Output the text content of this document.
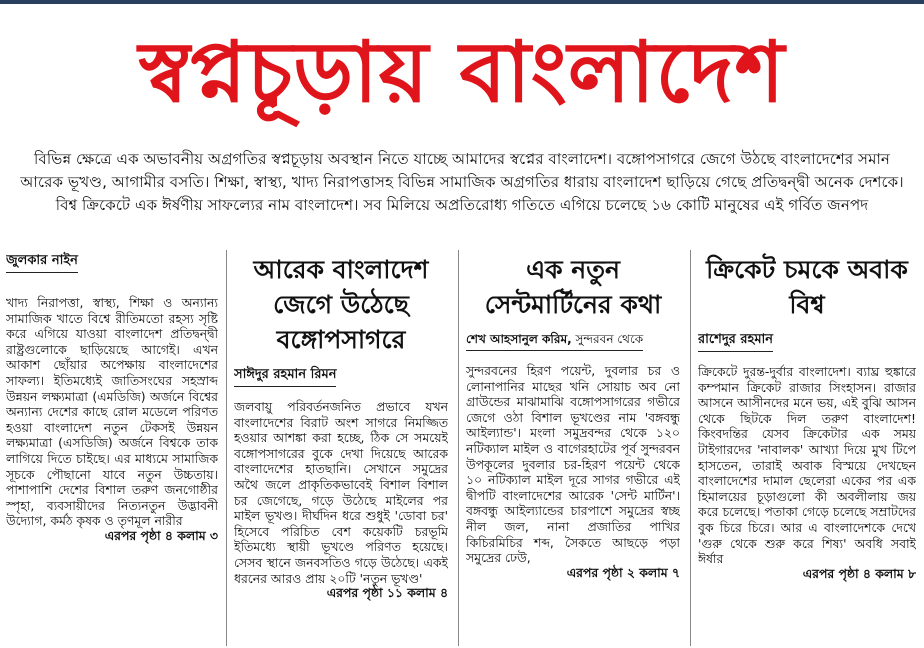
স্বপ্নচূড়ায় বাংলাদেশ
বিভিন্ন ক্ষেত্রে এক অভাবনীয় অগ্রগতির স্বপ্নচূড়ায় অবস্থান নিতে যাচ্ছে আমাদের স্বপ্নের বাংলাদেশ। বঙ্গোপসাগরে জেগে উঠছে বাংলাদেশের সমান আরেক ভূখণ্ড, আগামীর বসতি। শিক্ষা, স্বাস্থ্য, খাদ্য নিরাপত্তাসহ বিভিন্ন সামাজিক অগ্রগতির ধারায় বাংলাদেশ ছাড়িয়ে গেছে প্রতিদ্বন্দ্বী অনেক দেশকে। বিশ্ব ক্রিকেটে এক ঈর্ষণীয় সাফল্যের নাম বাংলাদেশ। সব মিলিয়ে অপ্রতিরোধ্য গতিতে এগিয়ে চলেছে ১৬ কোটি মানুষের এই গর্বিত জনপদ
জুলকার নাইন

খাদ্য নিরাপত্তা, স্বাস্থ্য, শিক্ষা ও অন্যান্য সামাজিক খাতে বিশ্বে রীতিমতো রহস্য সৃষ্টি করে এগিয়ে যাওয়া বাংলাদেশ প্রতিদ্বন্দ্বী রাষ্ট্রগুলোকে ছাড়িয়েছে আগেই। এখন আকাশ ছোঁয়ার অপেক্ষায় বাংলাদেশের সাফল্য। ইতিমধ্যেই জাতিসংঘের সহস্রাব্দ উন্নয়ন লক্ষ্যমাত্রা (এমডিজি) অর্জনে বিশ্বের অন্যান্য দেশের কাছে রোল মডেলে পরিণত হওয়া বাংলাদেশ নতুন টেকসই উন্নয়ন লক্ষ্যমাত্রা (এসডিজি) অর্জনে বিশ্বকে তাক লাগিয়ে দিতে চাইছে। এর মাধ্যমে সামাজিক সূচকে পৌছানো যাবে নতুন উচ্চতায়। পাশাপাশি দেশের বিশাল তরুণ জনগোষ্ঠীর স্পৃহা, ব্যবসায়ীদের নিত্যনতুন উদ্ভাবনী উদ্যোগ, কর্মঠ কৃষক ও তৃণমূল নারীর

এরপর পৃষ্ঠা ৪ কলাম ৩
আরেক বাংলাদেশ জেগে উঠেছে বঙ্গোপসাগরে
সাঈদুর রহমান রিমন

জলবায়ু পরিবর্তনজনিত প্রভাবে যখন বাংলাদেশের বিরাট অংশ সাগরে নিমজ্জিত হওয়ার আশঙ্কা করা হচ্ছে, ঠিক সে সময়েই বঙ্গোপসাগরের বুকে দেখা দিয়েছে আরেক বাংলাদেশের হাতছানি। সেখানে সমুদ্রের অথৈ জলে প্রাকৃতিকভাবেই বিশাল বিশাল চর জেগেছে, গড়ে উঠেছে মাইলের পর মাইল ভূখণ্ড। দীর্ঘদিন ধরে শুধুই 'ডোবা চর' হিসেবে পরিচিত বেশ কয়েকটি চরভূমি ইতিমধ্যে স্থায়ী ভূখণ্ডে পরিণত হয়েছে। সেসব স্থানে জনবসতিও গড়ে উঠেছে। একই ধরনের আরও প্রায় ২০টি 'নতুন ভূখণ্ড'

এরপর পৃষ্ঠা ১১ কলাম ৪
এক নতুন সেন্টমার্টিনের কথা
শেখ আহসানুল করিম, সুন্দরবন থেকে

সুন্দরবনের হিরণ পয়েন্ট, দুবলার চর ও লোনাপানির মাছের খনি সোয়াচ অব নো গ্রাউন্ডের মাঝামাঝি বঙ্গোপসাগরের গভীরে জেগে ওঠা বিশাল ভূখণ্ডের নাম 'বঙ্গবন্ধু আইল্যান্ড'। মংলা সমুদ্রবন্দর থেকে ১২০ নটিক্যাল মাইল ও বাগেরহাটের পূর্ব সুন্দরবন উপকূলের দুবলার চর-হিরণ পয়েন্ট থেকে ১০ নটিক্যাল মাইল দূরে সাগর গভীরে এই দ্বীপটি বাংলাদেশের আরেক 'সেন্ট মার্টিন'। বঙ্গবন্ধু আইল্যান্ডের চারপাশে সমুদ্রের স্বচ্ছ নীল জল, নানা প্রজাতির পাখির কিচিরমিচির শব্দ, সৈকতে আছড়ে পড়া সমুদ্রের ঢেউ,

এরপর পৃষ্ঠা ২ কলাম ৭
ক্রিকেট চমকে অবাক বিশ্ব
রাশেদুর রহমান

ক্রিকেটে দুরন্ত-দুর্বার বাংলাদেশ। ব্যাঘ্র হুঙ্কারে কম্পমান ক্রিকেট রাজার সিংহাসন। রাজার আসনে আসীনদের মনে ভয়, এই বুঝি আসন থেকে ছিটকে দিল তরুণ বাংলাদেশ! কিংবদন্তির যেসব ক্রিকেটার এক সময় টাইগারদের 'নাবালক' আখ্যা দিয়ে মুখ টিপে হাসতেন, তারাই অবাক বিস্ময়ে দেখছেন বাংলাদেশের দামাল ছেলেরা একের পর এক হিমালয়ের চূড়াগুলো কী অবলীলায় জয় করে চলেছে। পতাকা গেড়ে চলেছে সম্রাটদের বুক চিরে চিরে। আর এ বাংলাদেশকে দেখে 'গুরু থেকে শুরু করে শিষ্য' অবধি সবাই ঈর্ষার

এরপর পৃষ্ঠা ৪ কলাম ৮
